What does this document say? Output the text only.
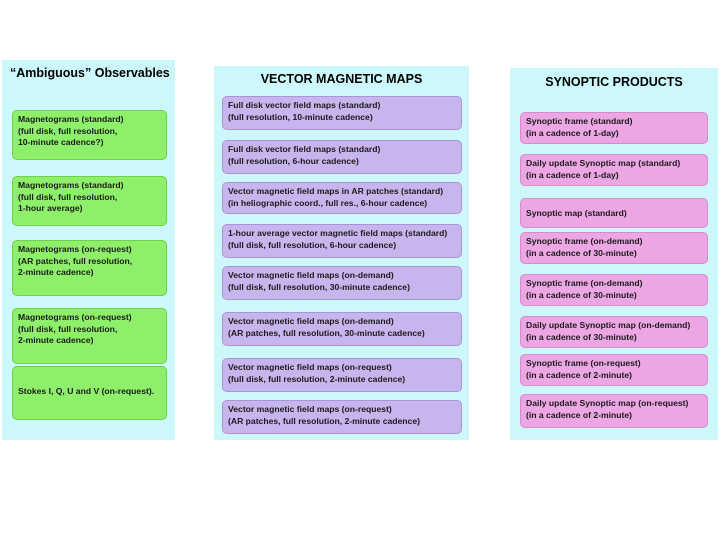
“Ambiguous” Observables
Magnetograms (standard)
(full disk, full resolution,
10-minute cadence?)
Magnetograms (standard)
(full disk, full resolution,
1-hour average)
Magnetograms (on-request)
(AR patches, full resolution,
2-minute cadence)
Magnetograms (on-request)
(full disk, full resolution,
2-minute cadence)
Stokes I, Q, U and V (on-request).
VECTOR MAGNETIC MAPS
Full disk vector field maps (standard)
(full resolution, 10-minute cadence)
Full disk vector field maps (standard)
(full resolution, 6-hour cadence)
Vector magnetic field maps in AR patches (standard)
(in heliographic coord., full res., 6-hour cadence)
1-hour average vector magnetic field maps (standard)
(full disk, full resolution, 6-hour cadence)
Vector magnetic field maps (on-demand)
(full disk, full resolution, 30-minute cadence)
Vector magnetic field maps (on-demand)
(AR patches, full resolution, 30-minute cadence)
Vector magnetic field maps (on-request)
(full disk, full resolution, 2-minute cadence)
Vector magnetic field maps (on-request)
(AR patches, full resolution, 2-minute cadence)
SYNOPTIC PRODUCTS
Synoptic frame (standard)
(in a cadence of 1-day)
Daily update Synoptic map (standard)
(in a cadence of 1-day)
Synoptic map (standard)
Synoptic frame (on-demand)
(in a cadence of 30-minute)
Synoptic frame (on-demand)
(in a cadence of 30-minute)
Daily update Synoptic map (on-demand)
(in a cadence of 30-minute)
Synoptic frame (on-request)
(in a cadence of 2-minute)
Daily update Synoptic map (on-request)
(in a cadence of 2-minute)
